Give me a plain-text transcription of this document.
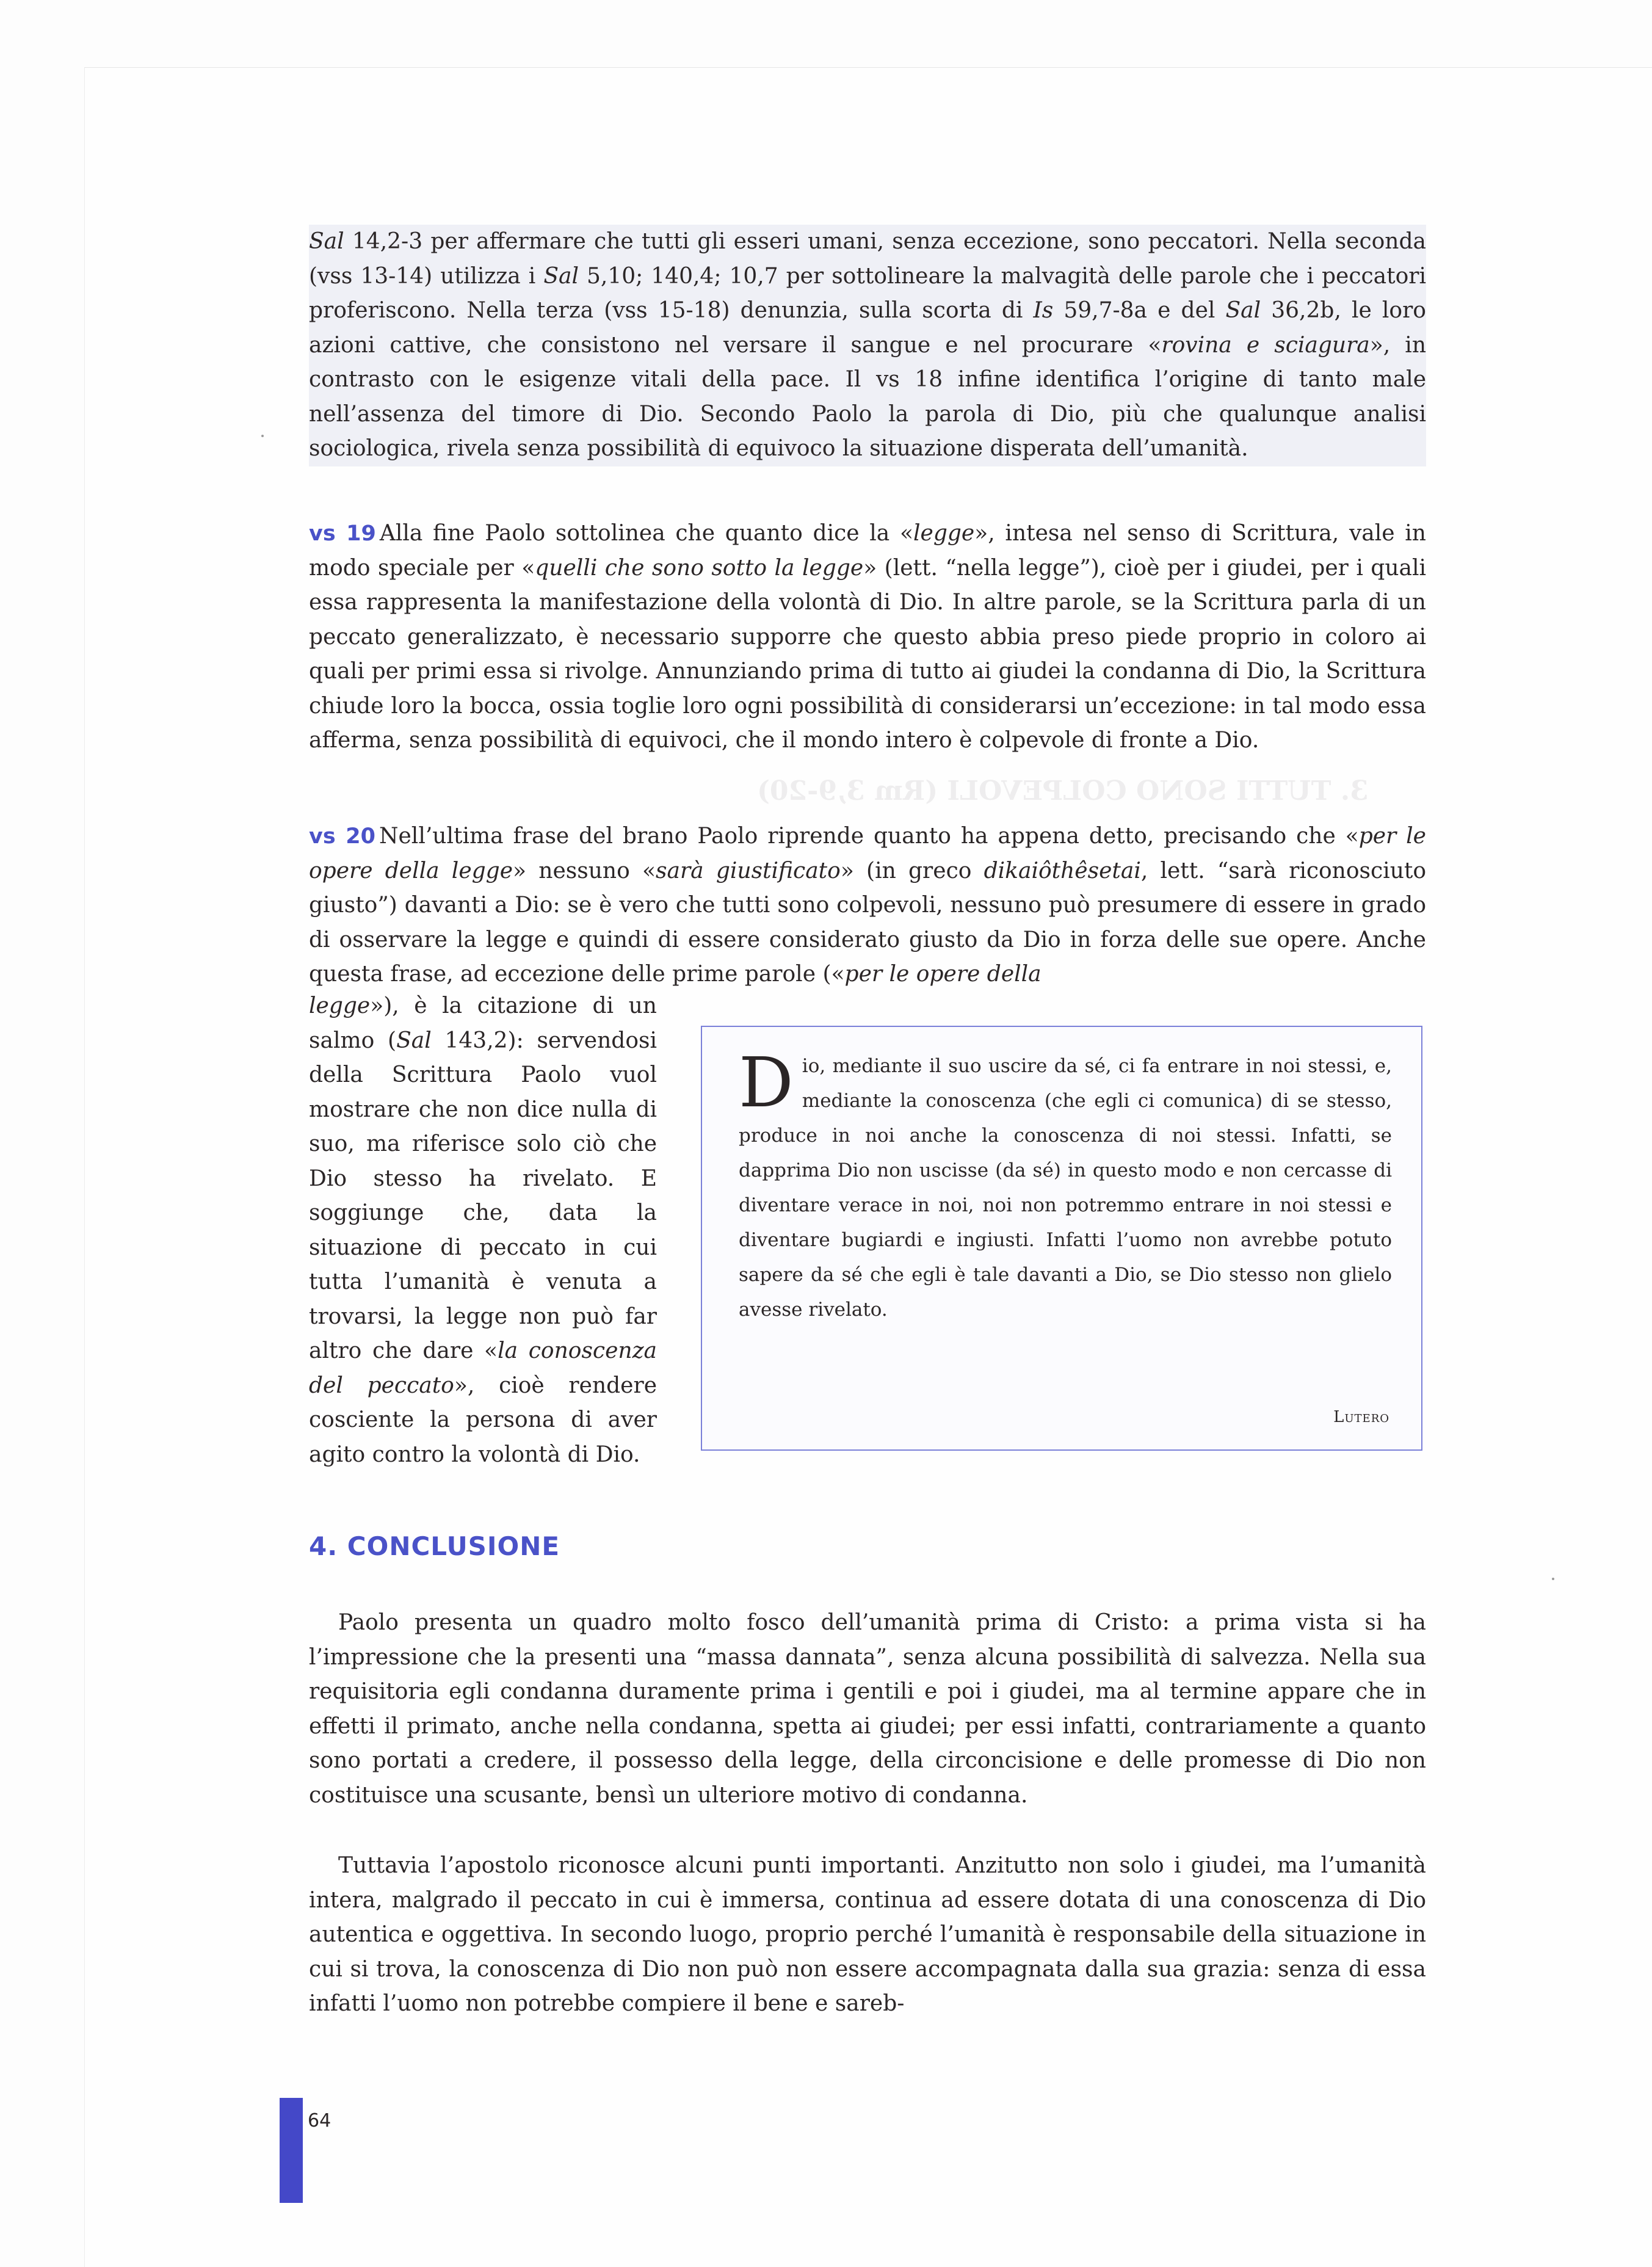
3. TUTTI SONO COLPEVOLI (Rm 3,9-20)

Sal 14,2-3 per affermare che tutti gli esseri umani, senza eccezione, sono peccatori. Nella seconda (vss 13-14) utilizza i Sal 5,10; 140,4; 10,7 per sottolineare la malvagità delle parole che i peccatori proferiscono. Nella terza (vss 15-18) denunzia, sulla scorta di Is 59,7-8a e del Sal 36,2b, le loro azioni cattive, che consistono nel versare il sangue e nel procurare «rovina e sciagura», in contrasto con le esigenze vitali della pace. Il vs 18 infine identifica l’origine di tanto male nell’assenza del timore di Dio. Secondo Paolo la parola di Dio, più che qualunque analisi sociologica, rivela senza possibilità di equivoco la situazione disperata dell’umanità.

vs 19 Alla fine Paolo sottolinea che quanto dice la «legge», intesa nel senso di Scrittura, vale in modo speciale per «quelli che sono sotto la legge» (lett. “nella legge”), cioè per i giudei, per i quali essa rappresenta la manifestazione della volontà di Dio. In altre parole, se la Scrittura parla di un peccato generalizzato, è necessario supporre che questo abbia preso piede proprio in coloro ai quali per primi essa si rivolge. Annunziando prima di tutto ai giudei la condanna di Dio, la Scrittura chiude loro la bocca, ossia toglie loro ogni possibilità di considerarsi un’eccezione: in tal modo essa afferma, senza possibilità di equivoci, che il mondo intero è colpevole di fronte a Dio.

vs 20 Nell’ultima frase del brano Paolo riprende quanto ha appena detto, precisando che «per le opere della legge» nessuno «sarà giustificato» (in greco dikaiôthêsetai, lett. “sarà riconosciuto giusto”) davanti a Dio: se è vero che tutti sono colpevoli, nessuno può presumere di essere in grado di osservare la legge e quindi di essere considerato giusto da Dio in forza delle sue opere. Anche questa frase, ad eccezione delle prime parole («per le opere della

legge»), è la citazione di un salmo (Sal 143,2): servendosi della Scrittura Paolo vuol mostrare che non dice nulla di suo, ma riferisce solo ciò che Dio stesso ha rivelato. E soggiunge che, data la situazione di peccato in cui tutta l’umanità è venuta a trovarsi, la legge non può far altro che dare «la conoscenza del peccato», cioè rendere cosciente la persona di aver agito contro la volontà di Dio.

Dio, mediante il suo uscire da sé, ci fa entrare in noi stessi, e, mediante la conoscenza (che egli ci comunica) di se stesso, produce in noi anche la conoscenza di noi stessi. Infatti, se dapprima Dio non uscisse (da sé) in questo modo e non cercasse di diventare verace in noi, noi non potremmo entrare in noi stessi e diventare bugiardi e ingiusti. Infatti l’uomo non avrebbe potuto sapere da sé che egli è tale davanti a Dio, se Dio stesso non glielo avesse rivelato.

Lutero
4. CONCLUSIONE

Paolo presenta un quadro molto fosco dell’umanità prima di Cristo: a prima vista si ha l’impressione che la presenti una “massa dannata”, senza alcuna possibilità di salvezza. Nella sua requisitoria egli condanna duramente prima i gentili e poi i giudei, ma al termine appare che in effetti il primato, anche nella condanna, spetta ai giudei; per essi infatti, contrariamente a quanto sono portati a credere, il possesso della legge, della circoncisione e delle promesse di Dio non costituisce una scusante, bensì un ulteriore motivo di condanna.

Tuttavia l’apostolo riconosce alcuni punti importanti. Anzitutto non solo i giudei, ma l’umanità intera, malgrado il peccato in cui è immersa, continua ad essere dotata di una conoscenza di Dio autentica e oggettiva. In secondo luogo, proprio perché l’umanità è responsabile della situazione in cui si trova, la conoscenza di Dio non può non essere accompagnata dalla sua grazia: senza di essa infatti l’uomo non potrebbe compiere il bene e sareb-

64
